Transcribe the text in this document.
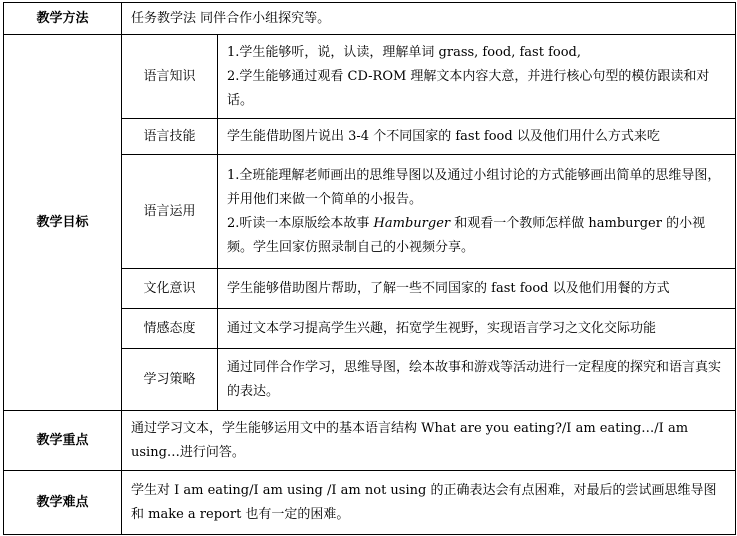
教学方法	任务教学法 同伴合作小组探究等。	
教学目标	语言知识	1.学生能够听，说，认读，理解单词 grass, food, fast food,
2.学生能够通过观看 CD-ROM 理解文本内容大意，并进行核心句型的模仿跟读和对话。

	语言技能	学生能借助图片说出 3-4 个不同国家的 fast food 以及他们用什么方式来吃

	语言运用	1.全班能理解老师画出的思维导图以及通过小组讨论的方式能够画出简单的思维导图，并用他们来做一个简单的小报告。
2.听读一本原版绘本故事 Hamburger 和观看一个教师怎样做 hamburger 的小视频。学生回家仿照录制自己的小视频分享。

	文化意识	学生能够借助图片帮助，了解一些不同国家的 fast food 以及他们用餐的方式

	情感态度	通过文本学习提高学生兴趣，拓宽学生视野，实现语言学习之文化交际功能

	学习策略	通过同伴合作学习，思维导图，绘本故事和游戏等活动进行一定程度的探究和语言真实的表达。

教学重点	通过学习文本，学生能够运用文中的基本语言结构 What are you eating?/I am eating…/I am using…进行问答。	
教学难点	学生对 I am eating/I am using /I am not using 的正确表达会有点困难，对最后的尝试画思维导图和 make a report 也有一定的困难。	
